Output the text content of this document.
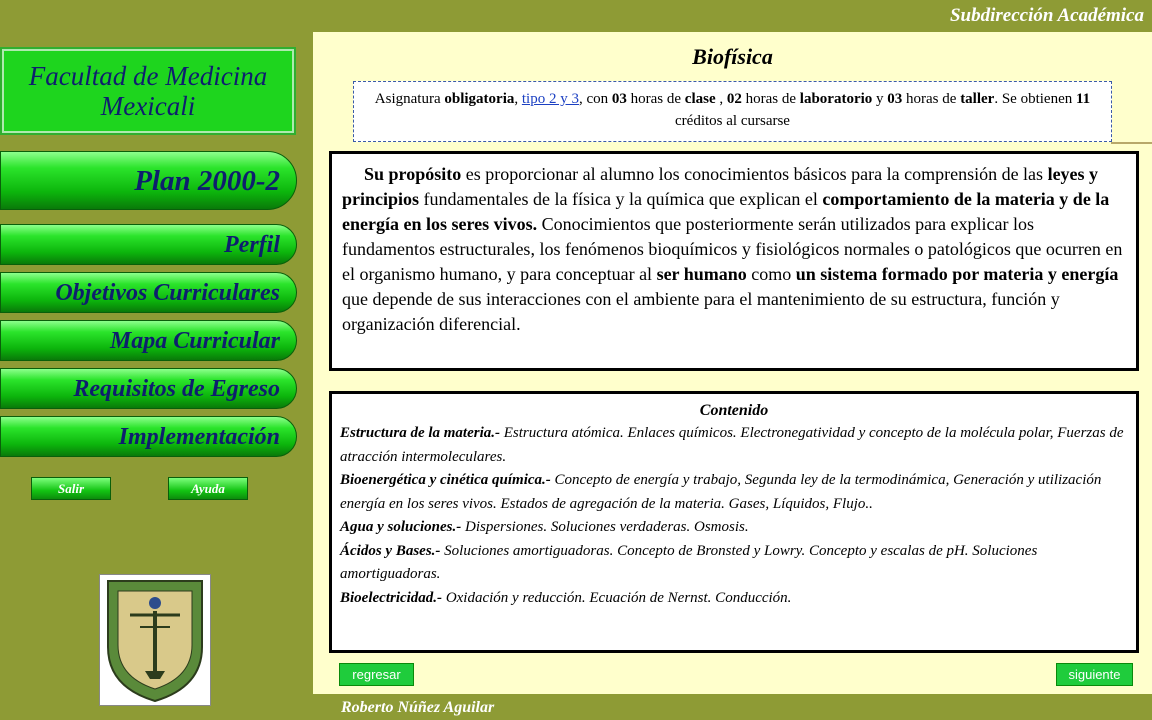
Facultad de Medicina Mexicali
Plan 2000-2
Perfil
Objetivos Curriculares
Mapa Curricular
Requisitos de Egreso
Implementación
Salir	Ayuda
Subdirección Académica
Biofísica
Asignatura obligatoria, tipo 2 y 3, con 03 horas de clase , 02 horas de laboratorio y 03 horas de taller. Se obtienen 11 créditos al cursarse
Su propósito es proporcionar al alumno los conocimientos básicos para la comprensión de las leyes y principios fundamentales de la física y la química que explican el comportamiento de la materia y de la energía en los seres vivos. Conocimientos que posteriormente serán utilizados para explicar los fundamentos estructurales, los fenómenos bioquímicos y fisiológicos normales o patológicos que ocurren en el organismo humano, y para conceptuar al ser humano como un sistema formado por materia y energía que depende de sus interacciones con el ambiente para el mantenimiento de su estructura, función y organización diferencial.
Contenido
Estructura de la materia.- Estructura atómica. Enlaces químicos. Electronegatividad y concepto de la molécula polar, Fuerzas de atracción intermoleculares.
Bioenergética y cinética química.- Concepto de energía y trabajo, Segunda ley de la termodinámica, Generación y utilización energía en los seres vivos. Estados de agregación de la materia. Gases, Líquidos, Flujo..
Agua y soluciones.- Dispersiones. Soluciones verdaderas. Osmosis.
Ácidos y Bases.- Soluciones amortiguadoras. Concepto de Bronsted y Lowry. Concepto y escalas de pH. Soluciones amortiguadoras.
Bioelectricidad.- Oxidación y reducción. Ecuación de Nernst. Conducción.
regresar	siguiente
Roberto Núñez Aguilar
